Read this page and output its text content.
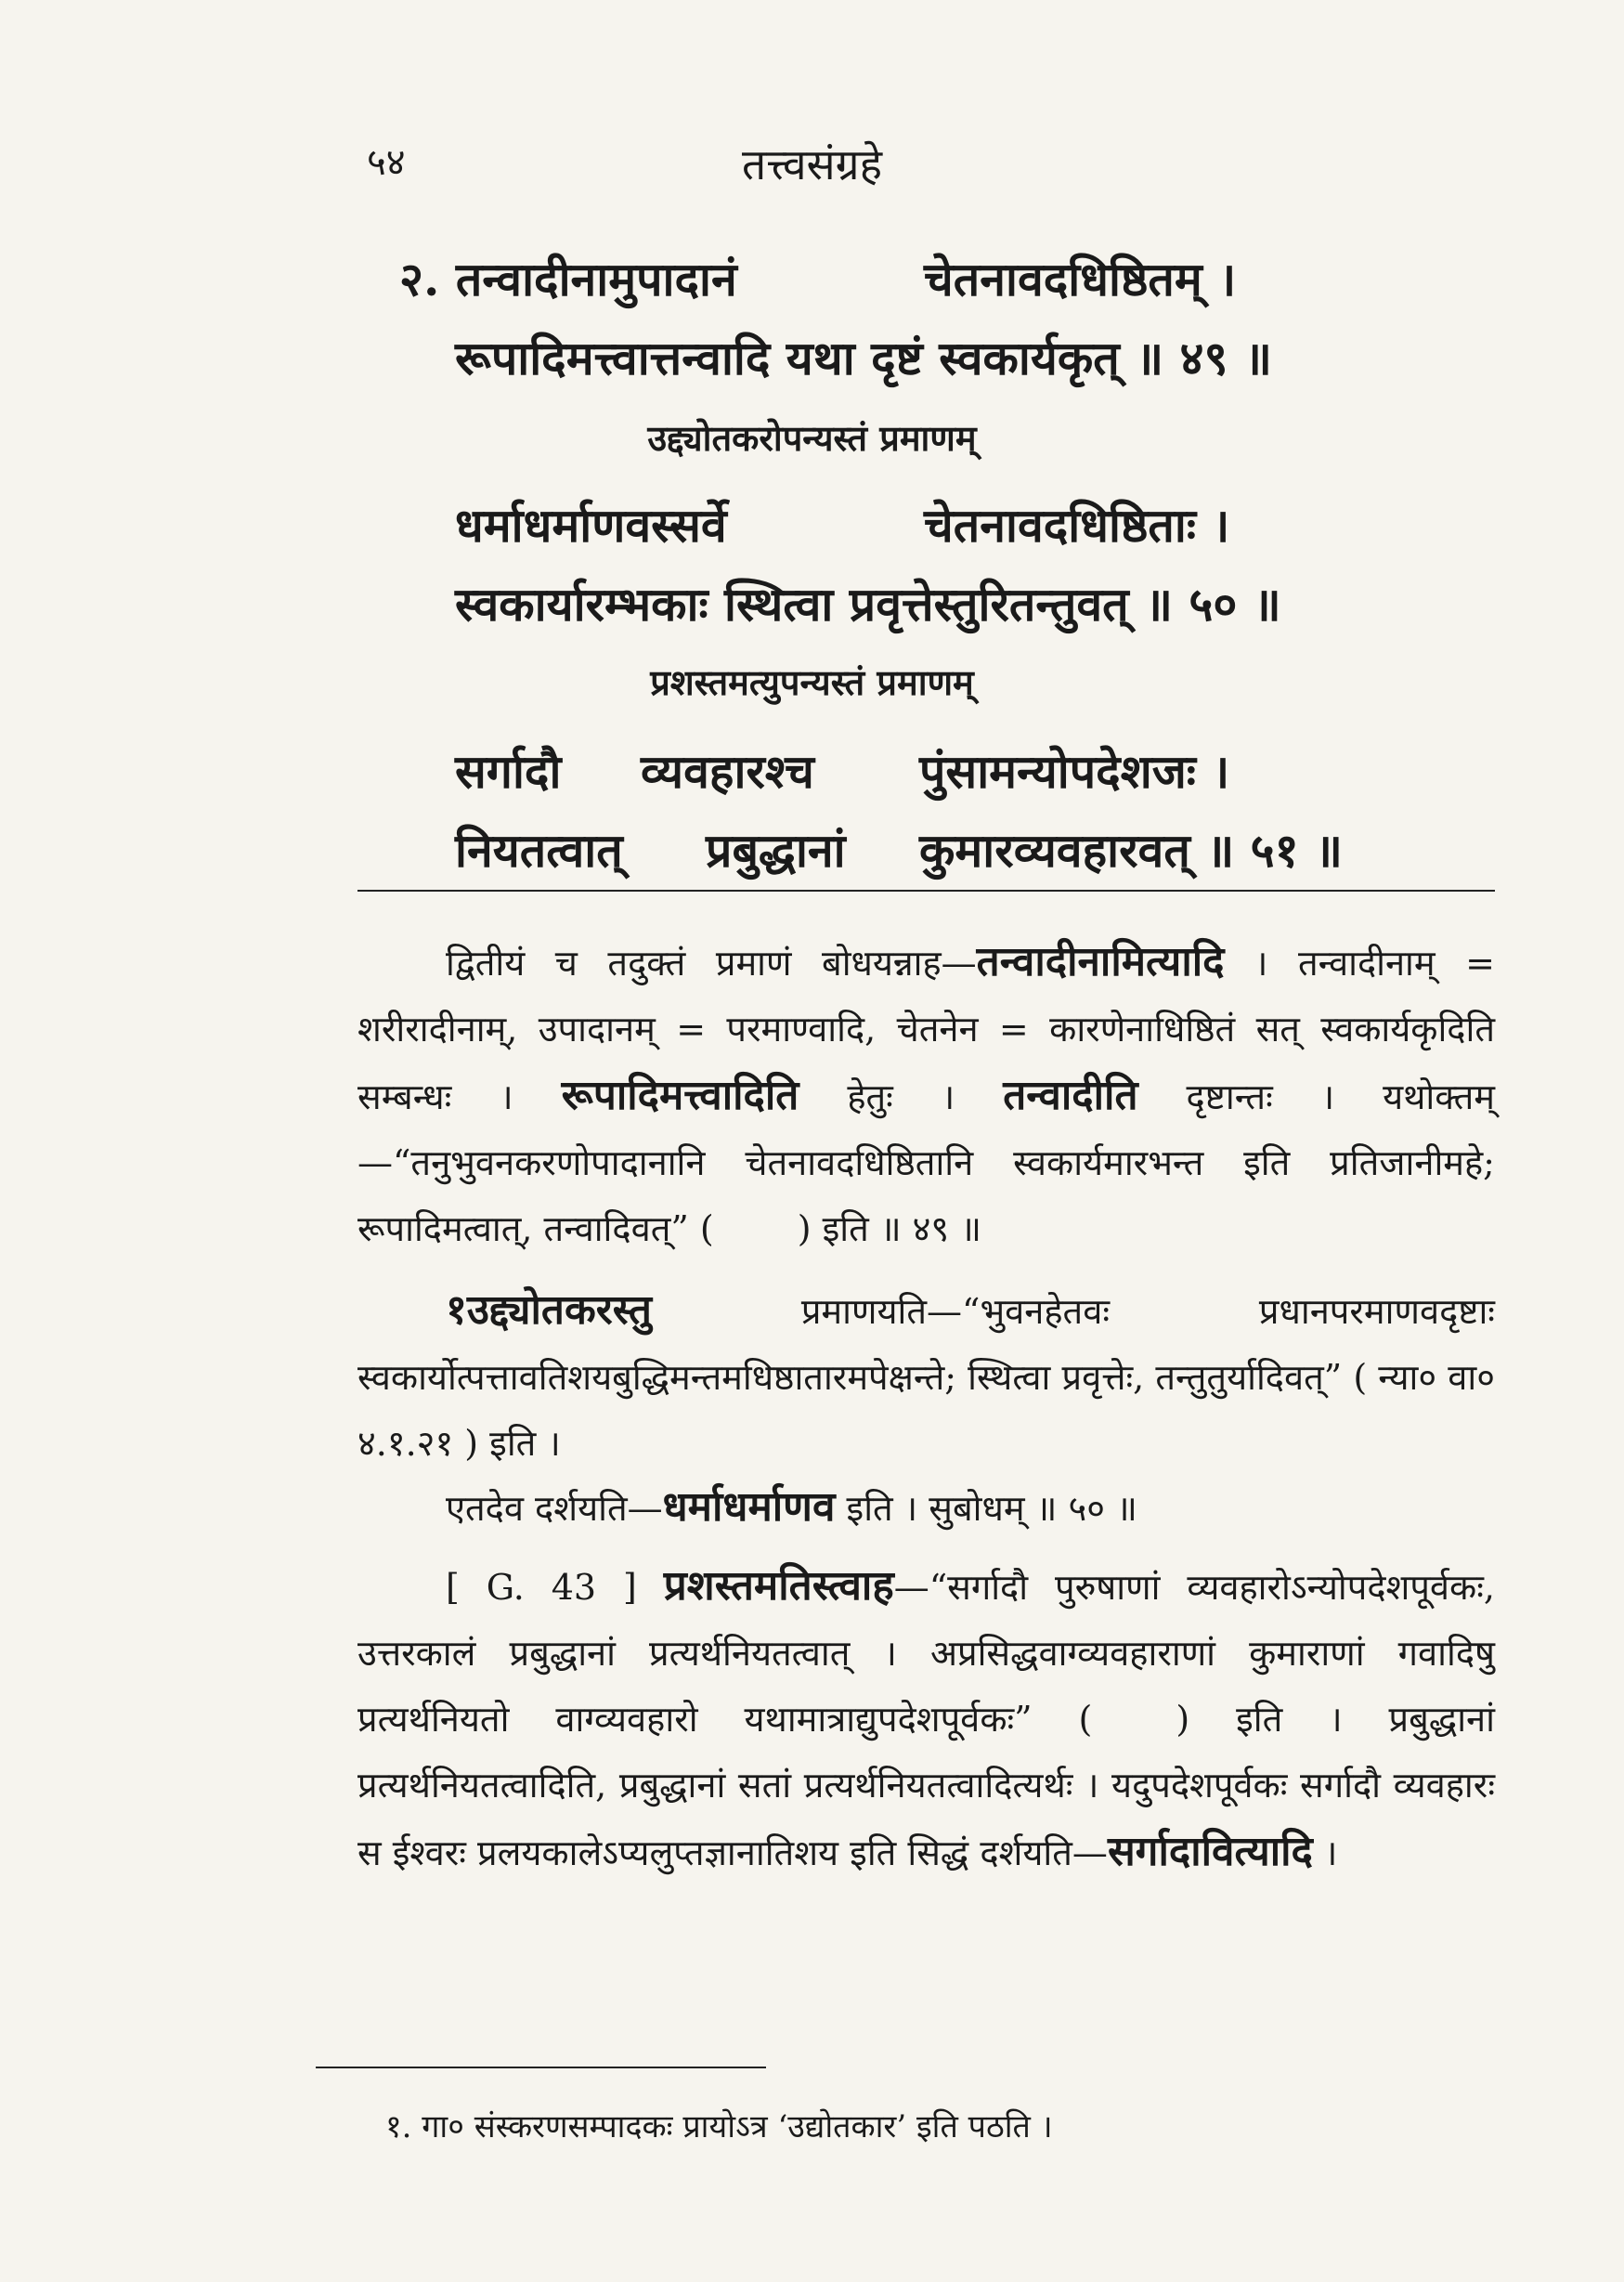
५४	तत्त्वसंग्रहे
२. तन्वादीनामुपादानं	चेतनावदधिष्ठितम् ।
रूपादिमत्त्वात्तन्वादि यथा दृष्टं स्वकार्यकृत् ॥ ४९ ॥
उद्द्योतकरोपन्यस्तं प्रमाणम्
धर्माधर्माणवस्सर्वे	चेतनावदधिष्ठिताः ।
स्वकार्यारम्भकाः स्थित्वा प्रवृत्तेस्तुरितन्तुवत् ॥ ५० ॥
प्रशस्तमत्युपन्यस्तं प्रमाणम्
सर्गादौ व्यवहारश्च पुंसामन्योपदेशजः ।
नियतत्वात् प्रबुद्धानां कुमारव्यवहारवत् ॥ ५१ ॥
द्वितीयं च तदुक्तं प्रमाणं बोधयन्नाह—तन्वादीनामित्यादि । तन्वादीनाम् = शरीरादीनाम्, उपादानम् = परमाण्वादि, चेतनेन = कारणेनाधिष्ठितं सत् स्वकार्यकृदिति सम्बन्धः । रूपादिमत्त्वादिति हेतुः । तन्वादीति दृष्टान्तः । यथोक्तम्—“तनुभुवनकरणोपादानानि चेतनावदधिष्ठितानि स्वकार्यमारभन्त इति प्रतिजानीमहे; रूपादिमत्वात्, तन्वादिवत्” ( ) इति ॥ ४९ ॥
१उद्द्योतकरस्तु	प्रमाणयति—“भुवनहेतवः प्रधानपरमाणवदृष्टाः स्वकार्योत्पत्तावतिशयबुद्धिमन्तमधिष्ठातारमपेक्षन्ते; स्थित्वा प्रवृत्तेः, तन्तुतुर्यादिवत्” ( न्या० वा० ४.१.२१ ) इति ।
एतदेव दर्शयति—धर्माधर्माणव इति । सुबोधम् ॥ ५० ॥
[ G. 43 ] प्रशस्तमतिस्त्वाह—“सर्गादौ पुरुषाणां व्यवहारोऽन्योपदेशपूर्वकः, उत्तरकालं प्रबुद्धानां प्रत्यर्थनियतत्वात् । अप्रसिद्धवाग्व्यवहाराणां कुमाराणां गवादिषु प्रत्यर्थनियतो वाग्व्यवहारो यथामात्राद्युपदेशपूर्वकः” ( ) इति । प्रबुद्धानां प्रत्यर्थनियतत्वादिति, प्रबुद्धानां सतां प्रत्यर्थनियतत्वादित्यर्थः । यदुपदेशपूर्वकः सर्गादौ व्यवहारः स ईश्वरः प्रलयकालेऽप्यलुप्तज्ञानातिशय इति सिद्धं दर्शयति—सर्गादावित्यादि ।
१. गा० संस्करणसम्पादकः प्रायोऽत्र ‘उद्योतकार’ इति पठति ।
